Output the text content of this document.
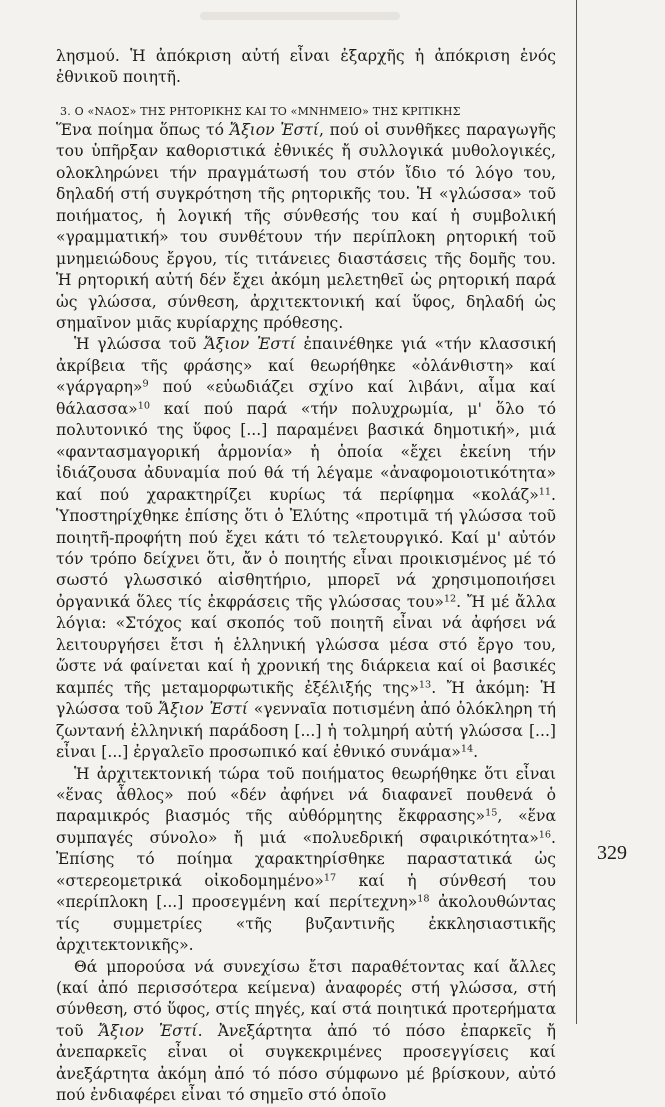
λησμού. Ἡ ἀπόκριση αὐτή εἶναι ἐξαρχῆς ἡ ἀπόκριση ἑνός ἐθνικοῦ ποιητῆ.

3. Ο «ΝΑΟΣ» ΤΗΣ ΡΗΤΟΡΙΚΗΣ ΚΑΙ ΤΟ «ΜΝΗΜΕΙΟ» ΤΗΣ ΚΡΙΤΙΚΗΣ

Ἕνα ποίημα ὅπως τό Ἄξιον Ἐστί, πού οἱ συνθῆκες παραγωγῆς του ὑπῆρξαν καθοριστικά ἐθνικές ἤ συλλογικά μυθολογικές, ολοκληρώνει τήν πραγμάτωσή του στόν ἴδιο τό λόγο του, δηλαδή στή συγκρότηση τῆς ρητορικῆς του. Ἡ «γλώσσα» τοῦ ποιήματος, ἡ λογική τῆς σύνθεσής του καί ἡ συμβολική «γραμματική» του συνθέτουν τήν περίπλοκη ρητορική τοῦ μνημειώδους ἔργου, τίς τιτάνειες διαστάσεις τῆς δομῆς του. Ἡ ρητορική αὐτή δέν ἔχει ἀκόμη μελετηθεῖ ὡς ρητορική παρά ὡς γλώσσα, σύνθεση, ἀρχιτεκτονική καί ὕφος, δηλαδή ὡς σημαῖνον μιᾶς κυρίαρχης πρόθεσης.

Ἡ γλώσσα τοῦ Ἄξιον Ἐστί ἐπαινέθηκε γιά «τήν κλασσική ἀκρίβεια τῆς φράσης» καί θεωρήθηκε «ὀλάνθιστη» καί «γάργαρη»$^9$ πού «εὐωδιάζει σχίνο καί λιβάνι, αἷμα καί θάλασσα»$^{10}$ καί πού παρά «τήν πολυχρωμία, μ' ὅλο τό πολυτονικό της ὕφος [...] παραμένει βασικά δημοτική», μιά «φαντασμαγορική ἁρμονία» ἡ ὁποία «ἔχει ἐκείνη τήν ἰδιάζουσα ἀδυναμία πού θά τή λέγαμε «ἀναφομοιοτικότητα» καί πού χαρακτηρίζει κυρίως τά περίφημα «κολάζ»$^{11}$. Ὑποστηρίχθηκε ἐπίσης ὅτι ὁ Ἐλύτης «προτιμᾶ τή γλώσσα τοῦ ποιητῆ-προφήτη πού ἔχει κάτι τό τελετουργικό. Καί μ' αὐτόν τόν τρόπο δείχνει ὅτι, ἄν ὁ ποιητής εἶναι προικισμένος μέ τό σωστό γλωσσικό αἰσθητήριο, μπορεῖ νά χρησιμοποιήσει ὀργανικά ὅλες τίς ἐκφράσεις τῆς γλώσσας του»$^{12}$. Ἤ μέ ἄλλα λόγια: «Στόχος καί σκοπός τοῦ ποιητῆ εἶναι νά ἀφήσει νά λειτουργήσει ἔτσι ἡ ἑλληνική γλώσσα μέσα στό ἔργο του, ὥστε νά φαίνεται καί ἡ χρονική της διάρκεια καί οἱ βασικές καμπές τῆς μεταμορφωτικῆς ἐξέλιξής της»$^{13}$. Ἤ ἀκόμη: Ἡ γλώσσα τοῦ Ἄξιον Ἐστί «γενναῖα ποτισμένη ἀπό ὁλόκληρη τή ζωντανή ἑλληνική παράδοση [...] ἡ τολμηρή αὐτή γλώσσα [...] εἶναι [...] ἐργαλεῖο προσωπικό καί ἐθνικό συνάμα»$^{14}$.

Ἡ ἀρχιτεκτονική τώρα τοῦ ποιήματος θεωρήθηκε ὅτι εἶναι «ἕνας ἆθλος» πού «δέν ἀφήνει νά διαφανεῖ πουθενά ὁ παραμικρός βιασμός τῆς αὐθόρμητης ἔκφρασης»$^{15}$, «ἕνα συμπαγές σύνολο» ἤ μιά «πολυεδρική σφαιρικότητα»$^{16}$. Ἐπίσης τό ποίημα χαρακτηρίσθηκε παραστατικά ὡς «στερεομετρικά οἰκοδομημένο»$^{17}$ καί ἡ σύνθεσή του «περίπλοκη [...] προσεγμένη καί περίτεχνη»$^{18}$ ἀκολουθώντας τίς συμμετρίες «τῆς βυζαντινῆς ἐκκλησιαστικῆς ἀρχιτεκτονικῆς».

Θά μπορούσα νά συνεχίσω ἔτσι παραθέτοντας καί ἄλλες (καί ἀπό περισσότερα κείμενα) ἀναφορές στή γλώσσα, στή σύνθεση, στό ὕφος, στίς πηγές, καί στά ποιητικά προτερήματα τοῦ Ἄξιον Ἐστί. Ἀνεξάρτητα ἀπό τό πόσο ἐπαρκεῖς ἤ ἀνεπαρκεῖς εἶναι οἱ συγκεκριμένες προσεγγίσεις καί ἀνεξάρτητα ἀκόμη ἀπό τό πόσο σύμφωνο μέ βρίσκουν, αὐτό πού ἐνδιαφέρει εἶναι τό σημεῖο στό ὁποῖο

329
